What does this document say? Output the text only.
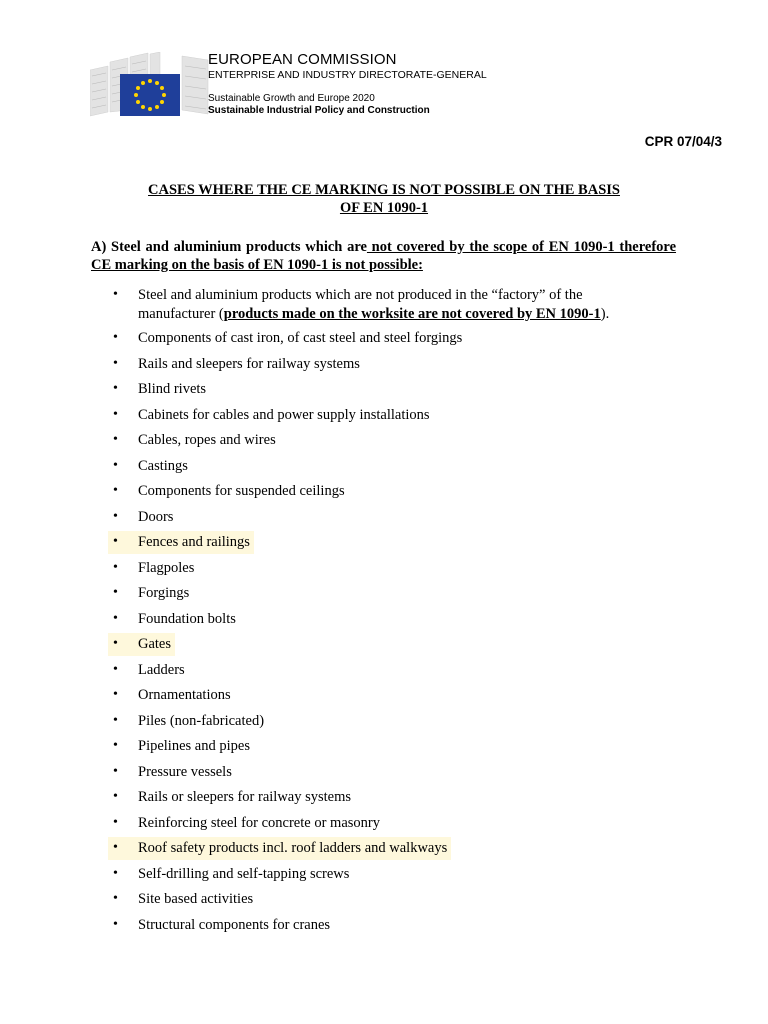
EUROPEAN COMMISSION
ENTERPRISE AND INDUSTRY DIRECTORATE-GENERAL
Sustainable Growth and Europe 2020
Sustainable Industrial Policy and Construction
CPR 07/04/3
CASES WHERE THE CE MARKING IS NOT POSSIBLE ON THE BASIS
OF EN 1090-1
A) Steel and aluminium products which are not covered by the scope of EN 1090-1 therefore CE marking on the basis of EN 1090-1 is not possible:
• Steel and aluminium products which are not produced in the “factory” of the
manufacturer (products made on the worksite are not covered by EN 1090-1).
• Components of cast iron, of cast steel and steel forgings
• Rails and sleepers for railway systems
• Blind rivets
• Cabinets for cables and power supply installations
• Cables, ropes and wires
• Castings
• Components for suspended ceilings
• Doors
• Fences and railings
• Flagpoles
• Forgings
• Foundation bolts
• Gates
• Ladders
• Ornamentations
• Piles (non-fabricated)
• Pipelines and pipes
• Pressure vessels
• Rails or sleepers for railway systems
• Reinforcing steel for concrete or masonry
• Roof safety products incl. roof ladders and walkways
• Self-drilling and self-tapping screws
• Site based activities
• Structural components for cranes
